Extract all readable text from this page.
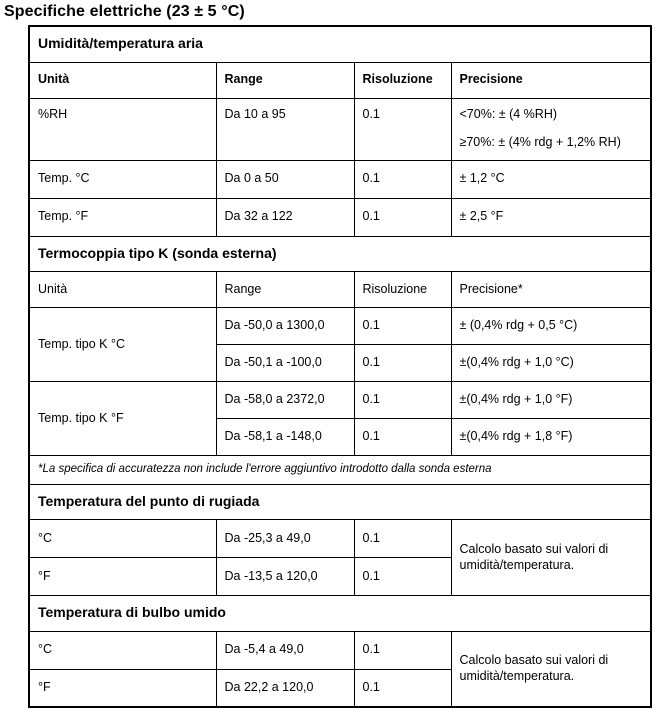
Specifiche elettriche (23 ± 5 °C)
Umidità/temperatura aria			
Unità	Range	Risoluzione	Precisione
%RH	Da 10 a 95	0.1	<70%: ± (4 %RH)

≥70%: ± (4% rdg + 1,2% RH)

Temp. °C	Da 0 a 50	0.1	± 1,2 °C
Temp. °F	Da 32 a 122	0.1	± 2,5 °F
Termocoppia tipo K (sonda esterna)			
Unità	Range	Risoluzione	Precisione*
Temp. tipo K °C	Da -50,0 a 1300,0	0.1	± (0,4% rdg + 0,5 °C)
	Da -50,1 a -100,0	0.1	±(0,4% rdg + 1,0 °C)
Temp. tipo K °F	Da -58,0 a 2372,0	0.1	±(0,4% rdg + 1,0 °F)
	Da -58,1 a -148,0	0.1	±(0,4% rdg + 1,8 °F)
*La specifica di accuratezza non include l'errore aggiuntivo introdotto dalla sonda esterna			
Temperatura del punto di rugiada			
°C	Da -25,3 a 49,0	0.1	Calcolo basato sui valori di umidità/temperatura.
°F	Da -13,5 a 120,0	0.1	
Temperatura di bulbo umido			
°C	Da -5,4 a 49,0	0.1	Calcolo basato sui valori di umidità/temperatura.
°F	Da 22,2 a 120,0	0.1	
